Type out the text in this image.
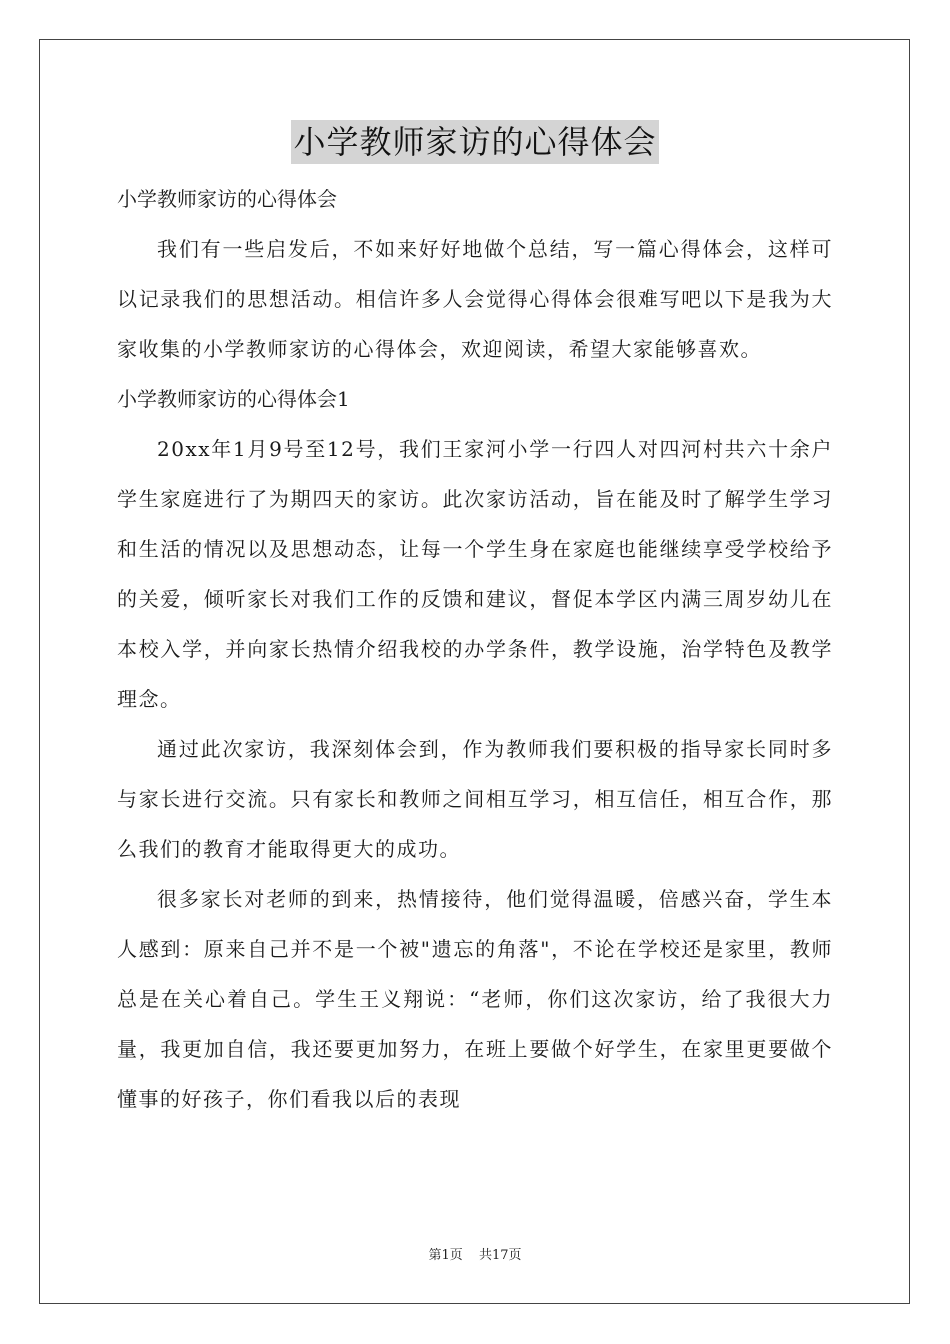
小学教师家访的心得体会

小学教师家访的心得体会

我们有一些启发后，不如来好好地做个总结，写一篇心得体会，这样可以记录我们的思想活动。相信许多人会觉得心得体会很难写吧以下是我为大家收集的小学教师家访的心得体会，欢迎阅读，希望大家能够喜欢。

小学教师家访的心得体会1

20xx年1月9号至12号，我们王家河小学一行四人对四河村共六十余户学生家庭进行了为期四天的家访。此次家访活动，旨在能及时了解学生学习和生活的情况以及思想动态，让每一个学生身在家庭也能继续享受学校给予的关爱，倾听家长对我们工作的反馈和建议，督促本学区内满三周岁幼儿在本校入学，并向家长热情介绍我校的办学条件，教学设施，治学特色及教学理念。

通过此次家访，我深刻体会到，作为教师我们要积极的指导家长同时多与家长进行交流。只有家长和教师之间相互学习，相互信任，相互合作，那么我们的教育才能取得更大的成功。

很多家长对老师的到来，热情接待，他们觉得温暖，倍感兴奋，学生本人感到：原来自己并不是一个被"遗忘的角落"，不论在学校还是家里，教师总是在关心着自己。学生王义翔说：“老师，你们这次家访，给了我很大力量，我更加自信，我还要更加努力，在班上要做个好学生，在家里更要做个懂事的好孩子，你们看我以后的表现

第1页 共17页
